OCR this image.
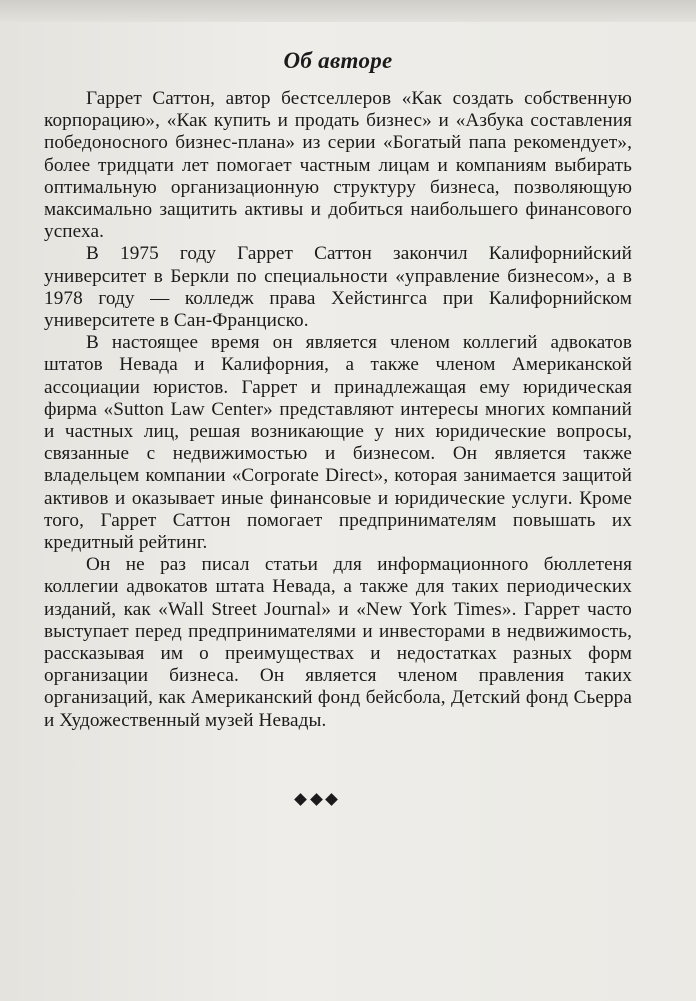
Об авторе

Гаррет Саттон, автор бестселлеров «Как создать собственную корпорацию», «Как купить и продать бизнес» и «Азбука составления победоносного бизнес-плана» из серии «Богатый папа рекомендует», более тридцати лет помогает частным лицам и компаниям выбирать оптимальную организационную структуру бизнеса, позволяющую максимально защитить активы и добиться наибольшего финансового успеха.

В 1975 году Гаррет Саттон закончил Калифорнийский университет в Беркли по специальности «управление бизнесом», а в 1978 году — колледж права Хейстингса при Калифорнийском университете в Сан-Франциско.

В настоящее время он является членом коллегий адвокатов штатов Невада и Калифорния, а также членом Американской ассоциации юристов. Гаррет и принадлежащая ему юридическая фирма «Sutton Law Center» представляют интересы многих компаний и частных лиц, решая возникающие у них юридические вопросы, связанные с недвижимостью и бизнесом. Он является также владельцем компании «Corporate Direct», которая занимается защитой активов и оказывает иные финансовые и юридические услуги. Кроме того, Гаррет Саттон помогает предпринимателям повышать их кредитный рейтинг.

Он не раз писал статьи для информационного бюллетеня коллегии адвокатов штата Невада, а также для таких периодических изданий, как «Wall Street Journal» и «New York Times». Гаррет часто выступает перед предпринимателями и инвесторами в недвижимость, рассказывая им о преимуществах и недостатках разных форм организации бизнеса. Он является членом правления таких организаций, как Американский фонд бейсбола, Детский фонд Сьерра и Художественный музей Невады.
